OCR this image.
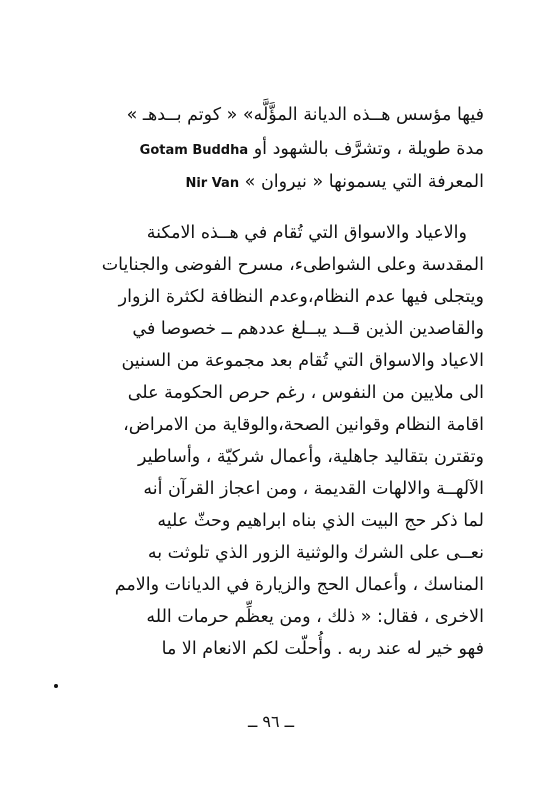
فيها مؤسس هــذه الديانة المؤَّلَّه» « كوتم بــدهـ »
مدة طويلة ، وتشرَّف بالشهود أو Gotam Buddha
المعرفة التي يسمونها « نيروان » Nir Van
والاعياد والاسواق التي تُقام في هــذه الامكنة
المقدسة وعلى الشواطىء، مسرح الفوضى والجنايات
ويتجلى فيها عدم النظام،وعدم النظافة لكثرة الزوار
والقاصدين الذين قــد يبــلغ عددهم ــ خصوصا في
الاعياد والاسواق التي تُقام بعد مجموعة من السنين
الى ملايين من النفوس ، رغم حرص الحكومة على
اقامة النظام وقوانين الصحة،والوقاية من الامراض،
وتقترن بتقاليد جاهلية، وأعمال شركيّة ، وأساطير
الآلهــة والالهات القديمة ، ومن اعجاز القرآن أنه
لما ذكر حج البيت الذي بناه ابراهيم وحثّ عليه
نعــى على الشرك والوثنية الزور الذي تلوثت به
المناسك ، وأعمال الحج والزيارة في الديانات والامم
الاخرى ، فقال: « ذلك ، ومن يعظِّم حرمات الله
فهو خير له عند ربه . وأُحلّت لكم الانعام الا ما
ــ ٩٦ ــ
